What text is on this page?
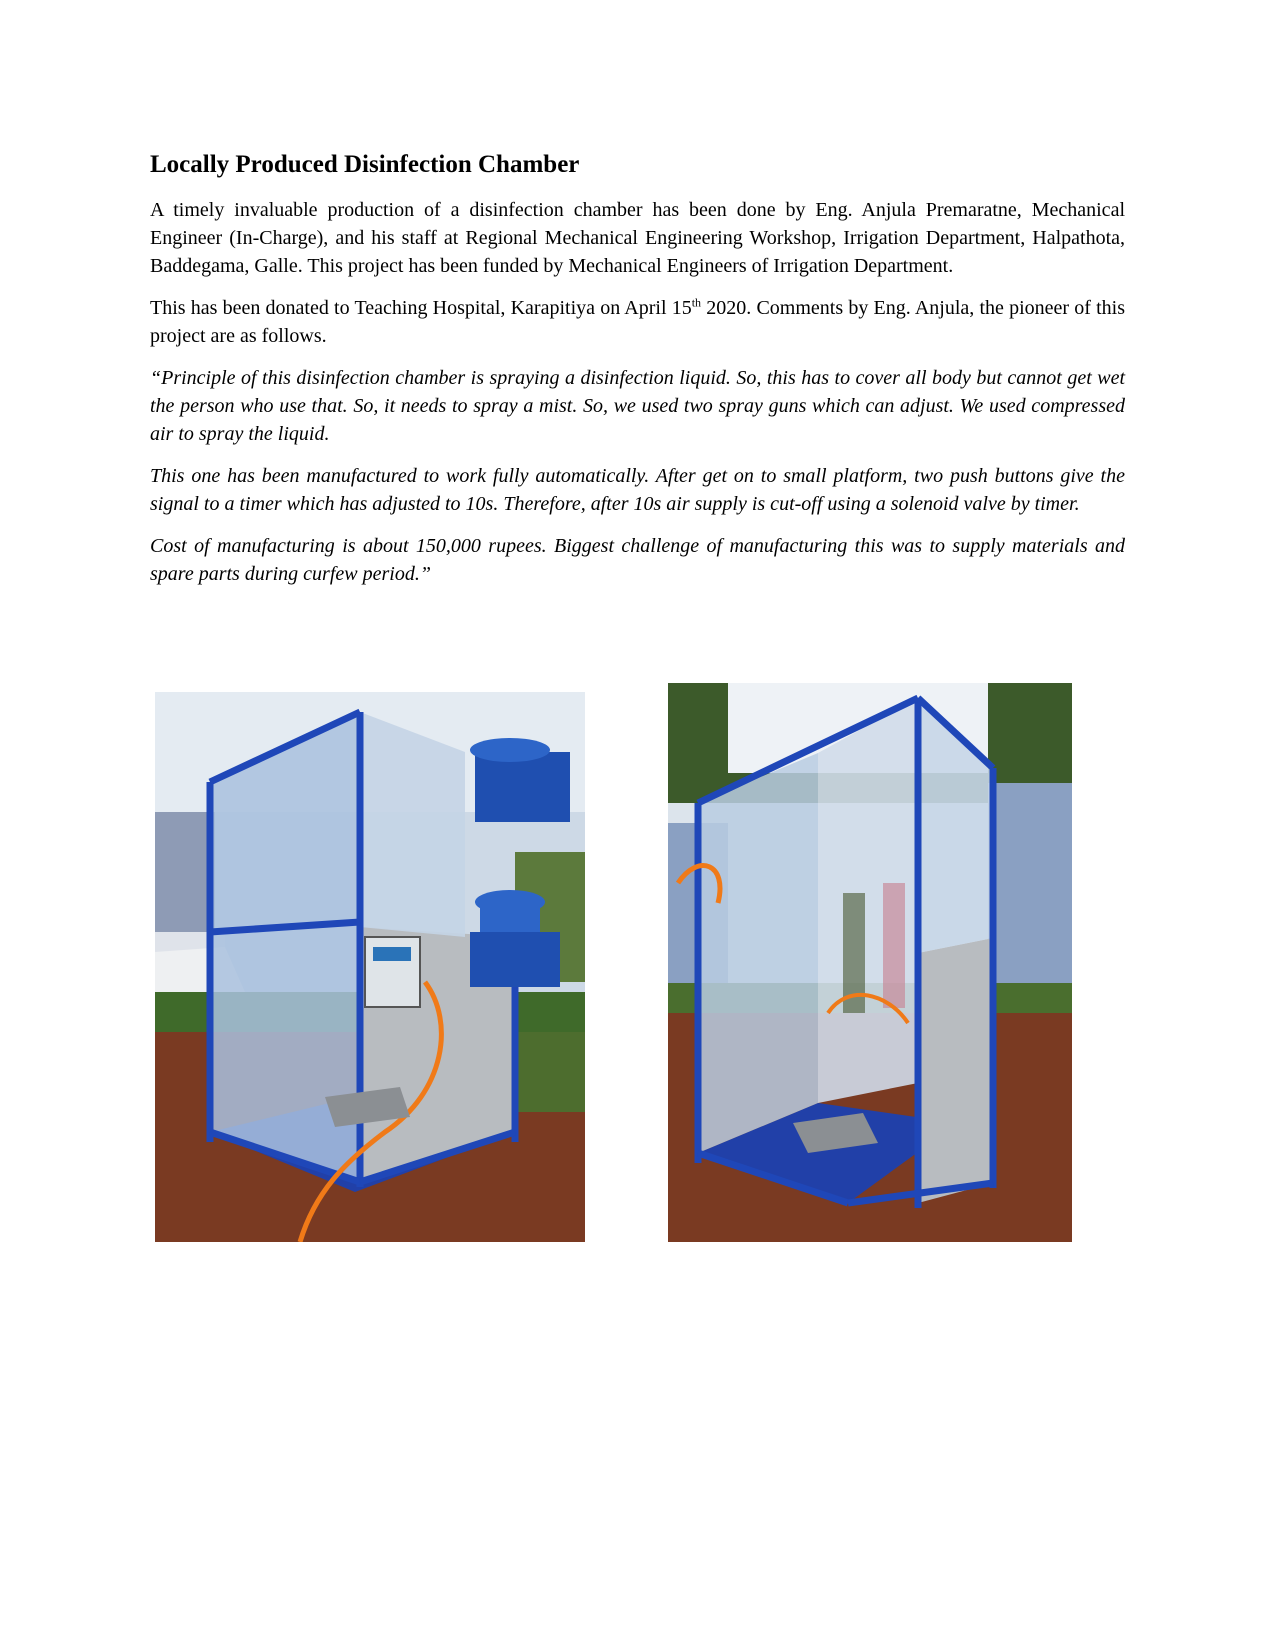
Locally Produced Disinfection Chamber

A timely invaluable production of a disinfection chamber has been done by Eng. Anjula Premaratne, Mechanical Engineer (In-Charge), and his staff at Regional Mechanical Engineering Workshop, Irrigation Department, Halpathota, Baddegama, Galle. This project has been funded by Mechanical Engineers of Irrigation Department.

This has been donated to Teaching Hospital, Karapitiya on April 15th 2020. Comments by Eng. Anjula, the pioneer of this project are as follows.

“Principle of this disinfection chamber is spraying a disinfection liquid. So, this has to cover all body but cannot get wet the person who use that. So, it needs to spray a mist. So, we used two spray guns which can adjust. We used compressed air to spray the liquid.

This one has been manufactured to work fully automatically. After get on to small platform, two push buttons give the signal to a timer which has adjusted to 10s. Therefore, after 10s air supply is cut-off using a solenoid valve by timer.

Cost of manufacturing is about 150,000 rupees. Biggest challenge of manufacturing this was to supply materials and spare parts during curfew period.”
